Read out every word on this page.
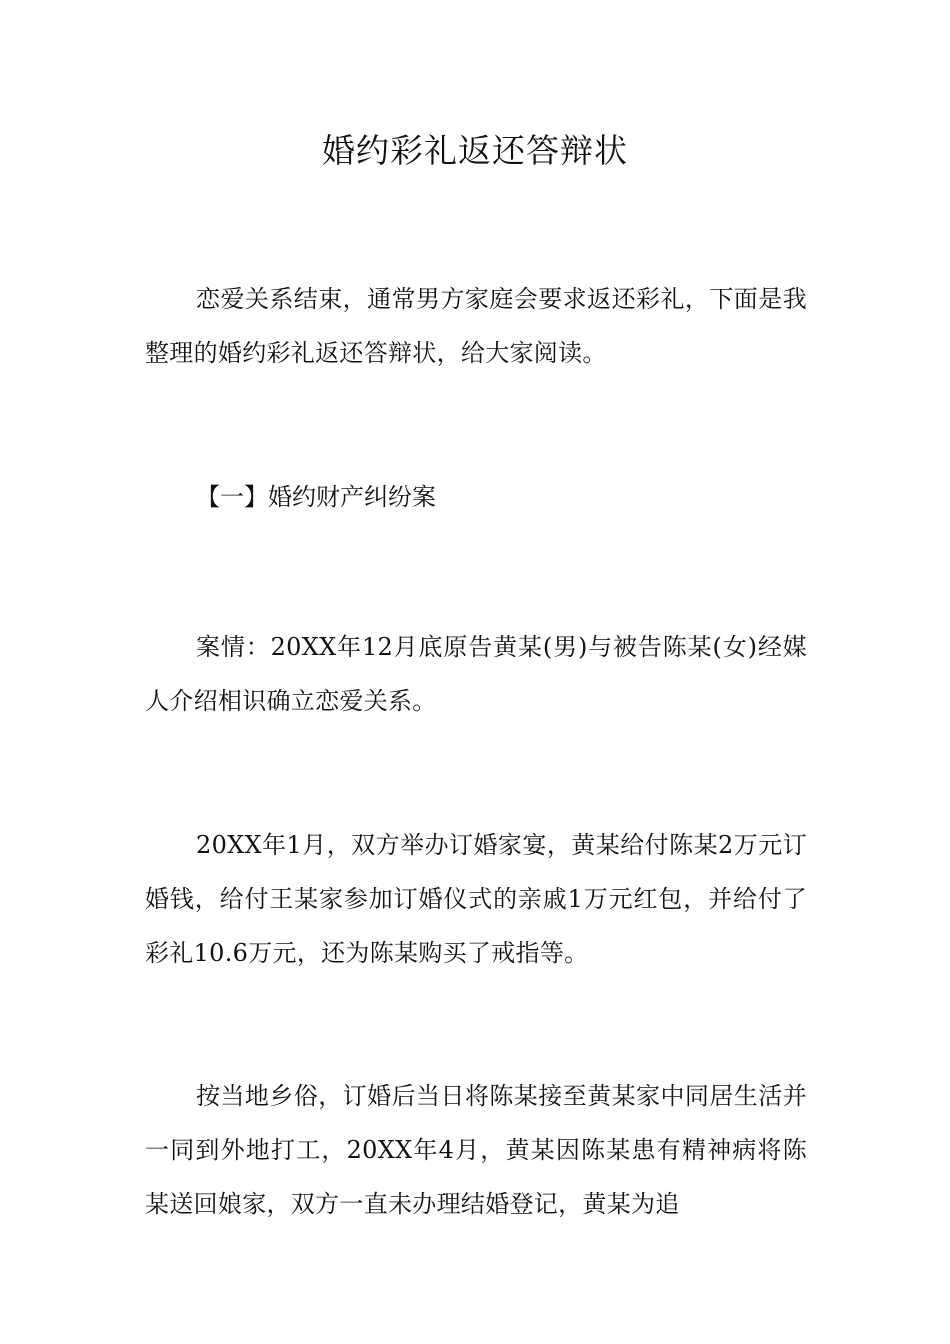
婚约彩礼返还答辩状

恋爱关系结束，通常男方家庭会要求返还彩礼，下面是我整理的婚约彩礼返还答辩状，给大家阅读。

【一】婚约财产纠纷案

案情：20XX年12月底原告黄某(男)与被告陈某(女)经媒人介绍相识确立恋爱关系。

20XX年1月，双方举办订婚家宴，黄某给付陈某2万元订婚钱，给付王某家参加订婚仪式的亲戚1万元红包，并给付了彩礼10.6万元，还为陈某购买了戒指等。

按当地乡俗，订婚后当日将陈某接至黄某家中同居生活并一同到外地打工，20XX年4月，黄某因陈某患有精神病将陈某送回娘家，双方一直未办理结婚登记，黄某为追
